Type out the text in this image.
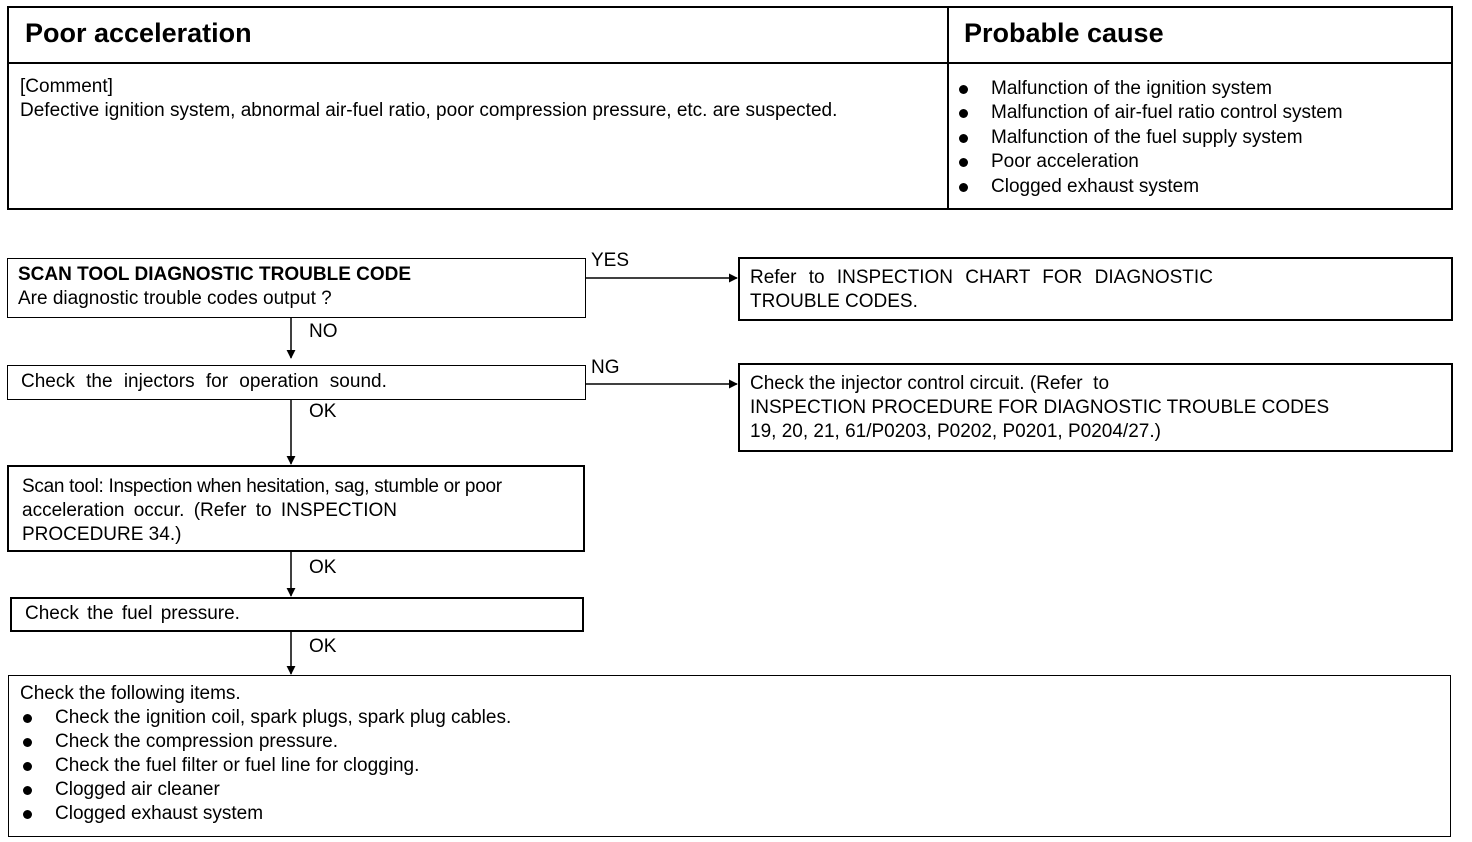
Poor acceleration	Probable cause
[Comment]
Defective ignition system, abnormal air-fuel ratio, poor compression pressure, etc. are suspected.
Malfunction of the ignition system
Malfunction of air-fuel ratio control system
Malfunction of the fuel supply system
Poor acceleration
Clogged exhaust system
SCAN TOOL DIAGNOSTIC TROUBLE CODE
Are diagnostic trouble codes output ?
YES
NO
Refer to INSPECTION CHART FOR DIAGNOSTIC
TROUBLE CODES.
Check the injectors for operation sound.
NG
OK
Check the injector control circuit. (Refer  to
INSPECTION PROCEDURE FOR DIAGNOSTIC TROUBLE CODES
19, 20, 21, 61/P0203, P0202, P0201, P0204/27.)
Scan tool: Inspection when hesitation, sag, stumble or poor
acceleration occur. (Refer to INSPECTION
PROCEDURE 34.)
OK
Check the fuel pressure.
OK
Check the following items.
Check the ignition coil, spark plugs, spark plug cables.
Check the compression pressure.
Check the fuel filter or fuel line for clogging.
Clogged air cleaner
Clogged exhaust system
